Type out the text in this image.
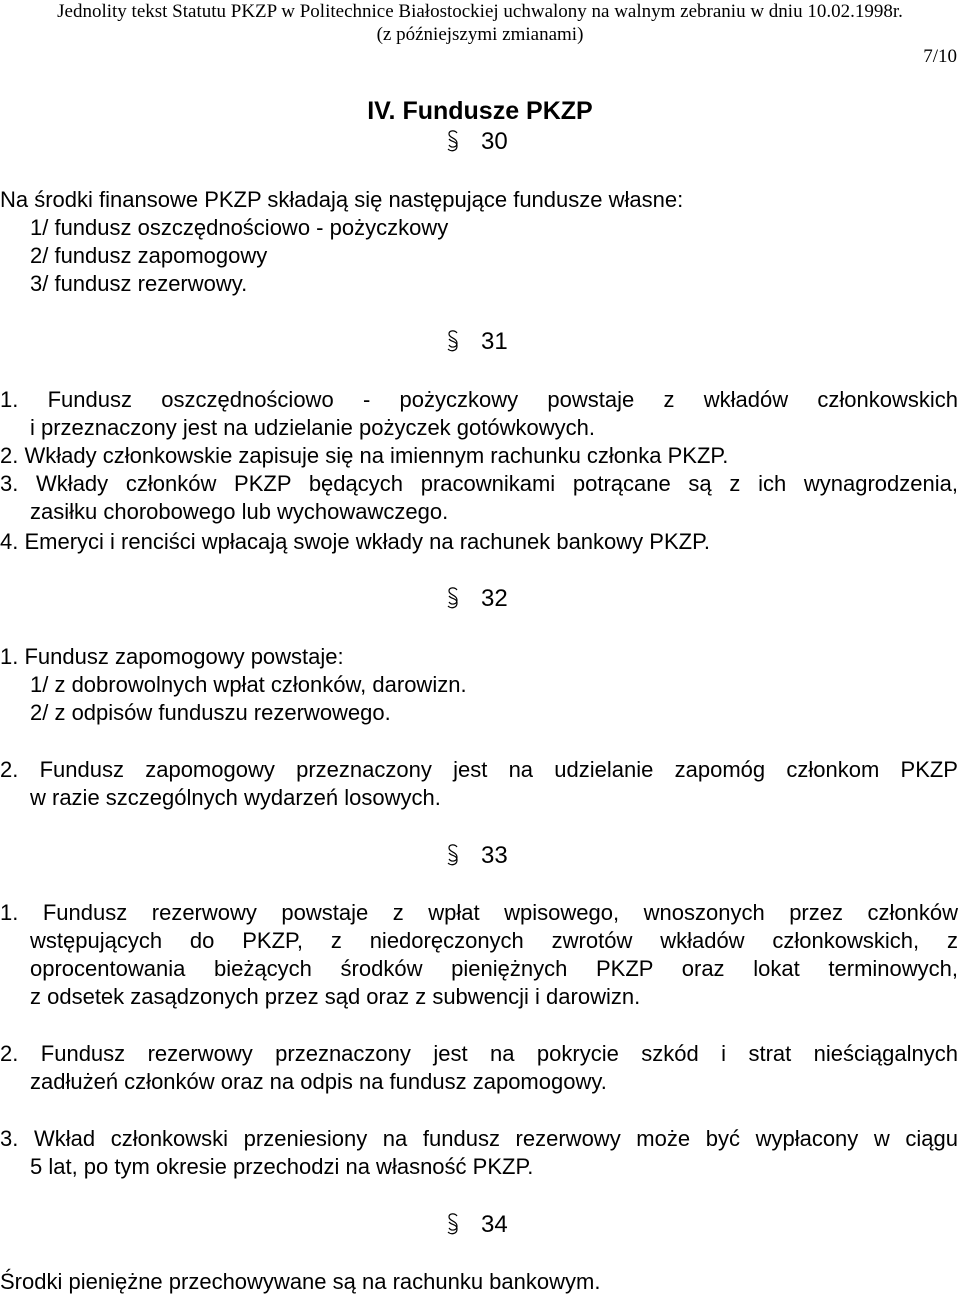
Jednolity tekst Statutu PKZP w Politechnice Białostockiej uchwalony na walnym zebraniu w dniu 10.02.1998r.
(z późniejszymi zmianami)
7/10
IV. Fundusze PKZP
30
Na środki finansowe PKZP składają się następujące fundusze własne:
1/ fundusz oszczędnościowo - pożyczkowy
2/ fundusz zapomogowy
3/ fundusz rezerwowy.
31
1. Fundusz oszczędnościowo - pożyczkowy powstaje z wkładów członkowskich
i przeznaczony jest na udzielanie pożyczek gotówkowych.
2. Wkłady członkowskie zapisuje się na imiennym rachunku członka PKZP.
3. Wkłady członków PKZP będących pracownikami potrącane są z ich wynagrodzenia,
zasiłku chorobowego lub wychowawczego.
4. Emeryci i renciści wpłacają swoje wkłady na rachunek bankowy PKZP.
32
1. Fundusz zapomogowy powstaje:
1/ z dobrowolnych wpłat członków, darowizn.
2/ z odpisów funduszu rezerwowego.
2. Fundusz zapomogowy przeznaczony jest na udzielanie zapomóg członkom PKZP
w razie szczególnych wydarzeń losowych.
33
1. Fundusz rezerwowy powstaje z wpłat wpisowego, wnoszonych przez członków
wstępujących do PKZP, z niedoręczonych zwrotów wkładów członkowskich, z
oprocentowania bieżących środków pieniężnych PKZP oraz lokat terminowych,
z odsetek zasądzonych przez sąd oraz z subwencji i darowizn.
2. Fundusz rezerwowy przeznaczony jest na pokrycie szkód i strat nieściągalnych
zadłużeń członków oraz na odpis na fundusz zapomogowy.
3. Wkład członkowski przeniesiony na fundusz rezerwowy może być wypłacony w ciągu
5 lat, po tym okresie przechodzi na własność PKZP.
34
Środki pieniężne przechowywane są na rachunku bankowym.
